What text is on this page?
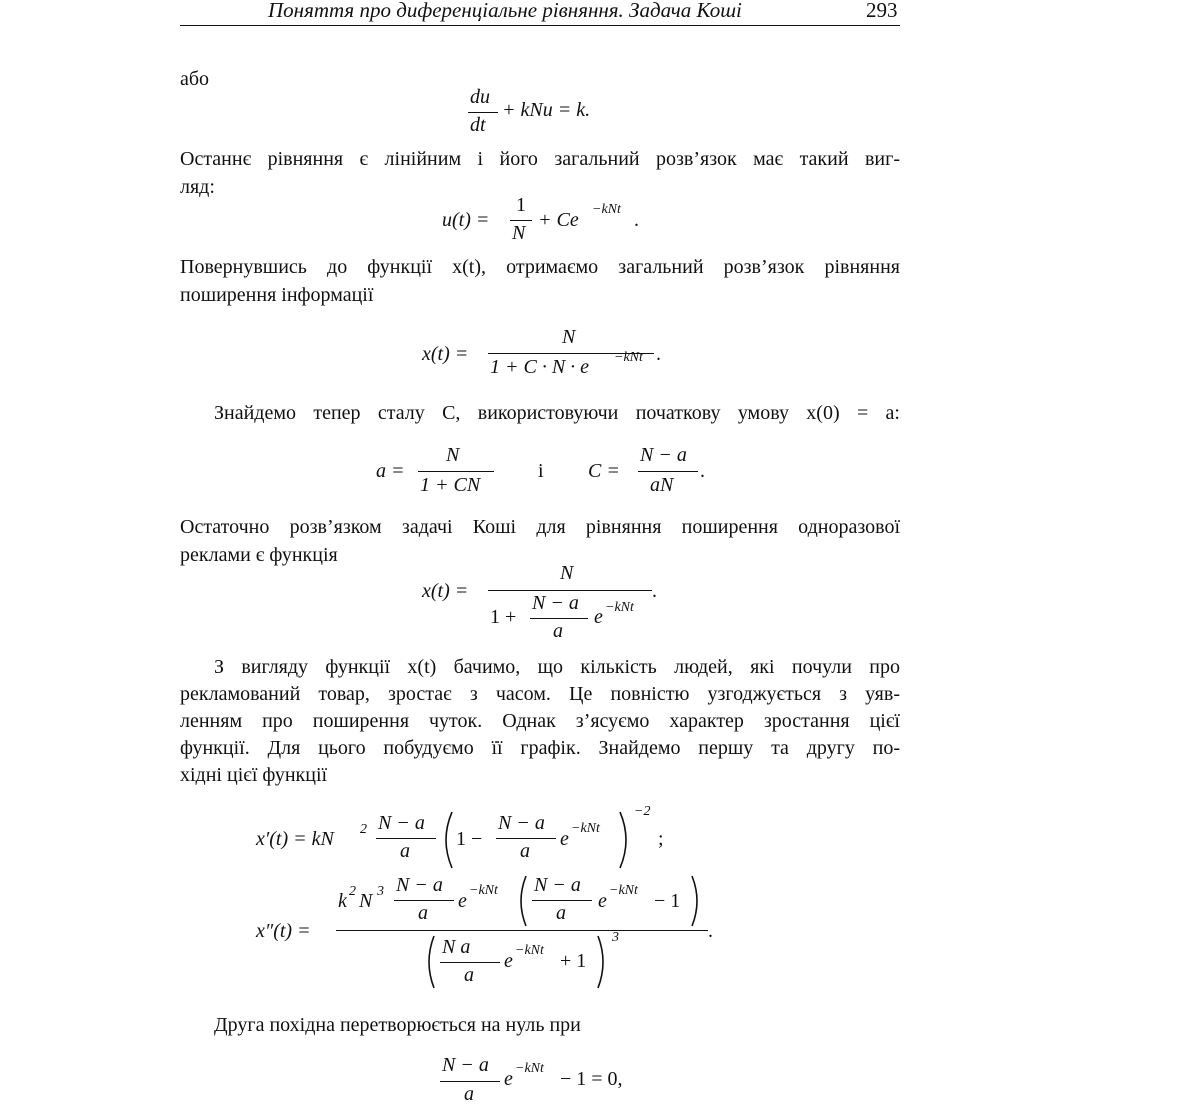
Поняття про диференціальне рівняння. Задача Коші	293
або
du
dt
+ kNu = k.
Останнє рівняння є лінійним і його загальний розв’язок має такий виг-
ляд:
u(t) =
1
N
+ Ce −kNt .
Повернувшись до функції x(t), отримаємо загальний розв’язок рівняння
поширення інформації
x(t) =
N
1 + C · N · e −kNt .
Знайдемо тепер сталу C, використовуючи початкову умову x(0) = a:
a =
N
1 + CN
і C =
N − a
aN
.
Остаточно розв’язком задачі Коші для рівняння поширення одноразової
реклами є функція
x(t) =
N
1 +
N − a
a
e −kNt
.
З вигляду функції x(t) бачимо, що кількість людей, які почули про
рекламований товар, зростає з часом. Це повністю узгоджується з уяв-
ленням про поширення чуток. Однак з’ясуємо характер зростання цієї
функції. Для цього побудуємо її графік. Знайдемо першу та другу по-
хідні цієї функції
x′(t) = kN 2 N − a
a
1 −
N − a
a
e −kNt
−2
;
x″(t) =
k 2 N 3 N − a
a
e −kNt N − a
a
e −kNt − 1
N a
a
e −kNt + 1
3	.
Друга похідна перетворюється на нуль при
N − a
a
e −kNt − 1 = 0,
